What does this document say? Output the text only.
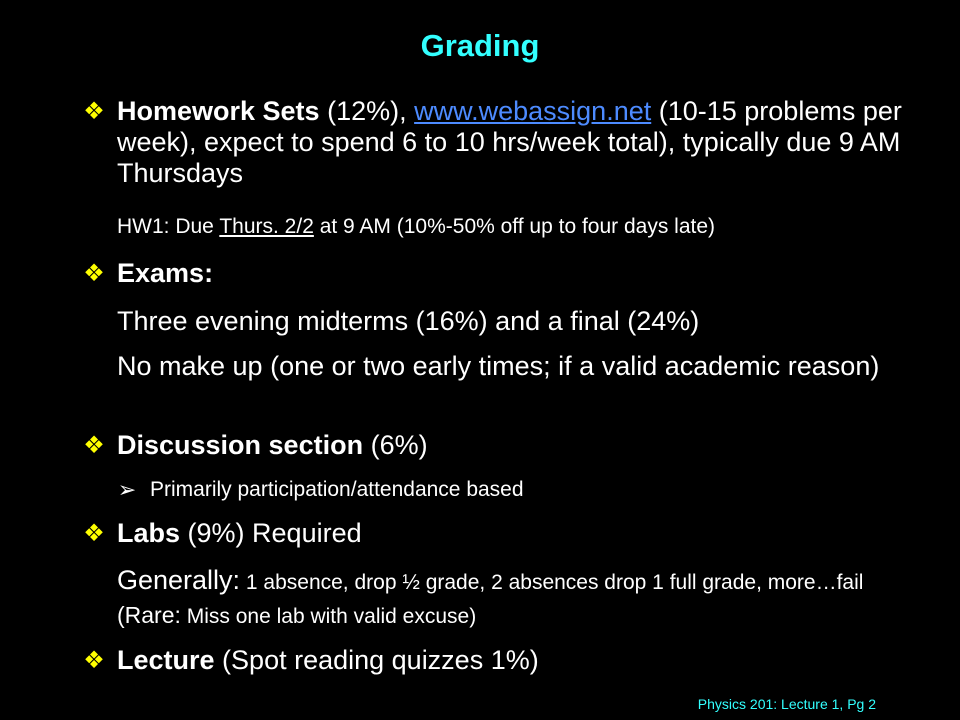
Grading
❖ Homework Sets (12%), www.webassign.net (10-15 problems per week), expect to spend 6 to 10 hrs/week total), typically due 9 AM Thursdays
HW1: Due Thurs. 2/2 at 9 AM (10%-50% off up to four days late)
❖ Exams:
Three evening midterms (16%) and a final (24%)
No make up (one or two early times; if a valid academic reason)
❖ Discussion section (6%)
➢ Primarily participation/attendance based
❖ Labs (9%) Required
Generally: 1 absence, drop ½ grade, 2 absences drop 1 full grade, more…fail (Rare: Miss one lab with valid excuse)
❖ Lecture (Spot reading quizzes 1%)
Physics 201: Lecture 1, Pg 2
